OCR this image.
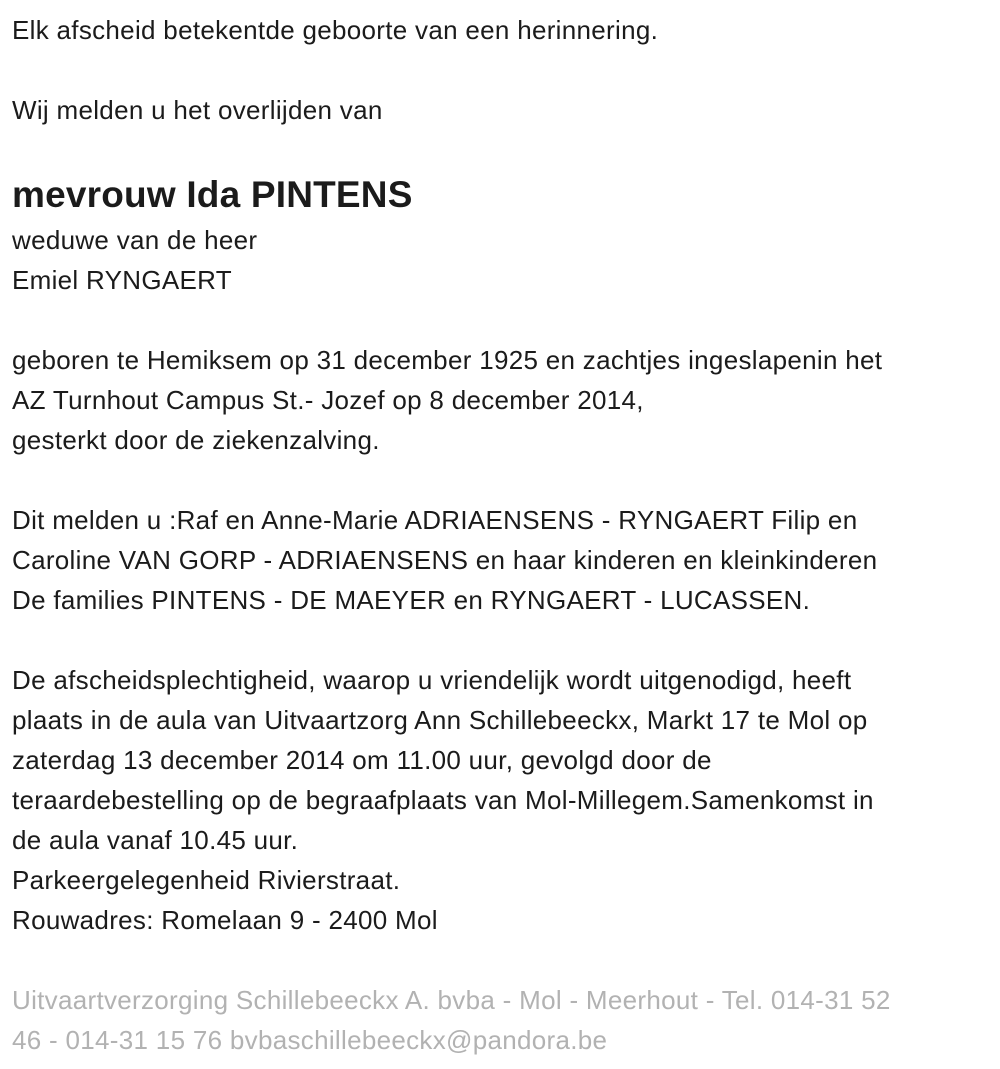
Elk afscheid betekentde geboorte van een herinnering.
Wij melden u het overlijden van
mevrouw Ida PINTENS
weduwe van de heer
Emiel RYNGAERT
geboren te Hemiksem op 31 december 1925 en zachtjes ingeslapenin het
AZ Turnhout Campus St.- Jozef op 8 december 2014,
gesterkt door de ziekenzalving.
Dit melden u :Raf en Anne-Marie ADRIAENSENS - RYNGAERT Filip en
Caroline VAN GORP - ADRIAENSENS en haar kinderen en kleinkinderen
De families PINTENS - DE MAEYER en RYNGAERT - LUCASSEN.
De afscheidsplechtigheid, waarop u vriendelijk wordt uitgenodigd, heeft
plaats in de aula van Uitvaartzorg Ann Schillebeeckx, Markt 17 te Mol op
zaterdag 13 december 2014 om 11.00 uur, gevolgd door de
teraardebestelling op de begraafplaats van Mol-Millegem.Samenkomst in
de aula vanaf 10.45 uur.
Parkeergelegenheid Rivierstraat.
Rouwadres: Romelaan 9 - 2400 Mol
Uitvaartverzorging Schillebeeckx A. bvba - Mol - Meerhout - Tel. 014-31 52
46 - 014-31 15 76 bvbaschillebeeckx@pandora.be
